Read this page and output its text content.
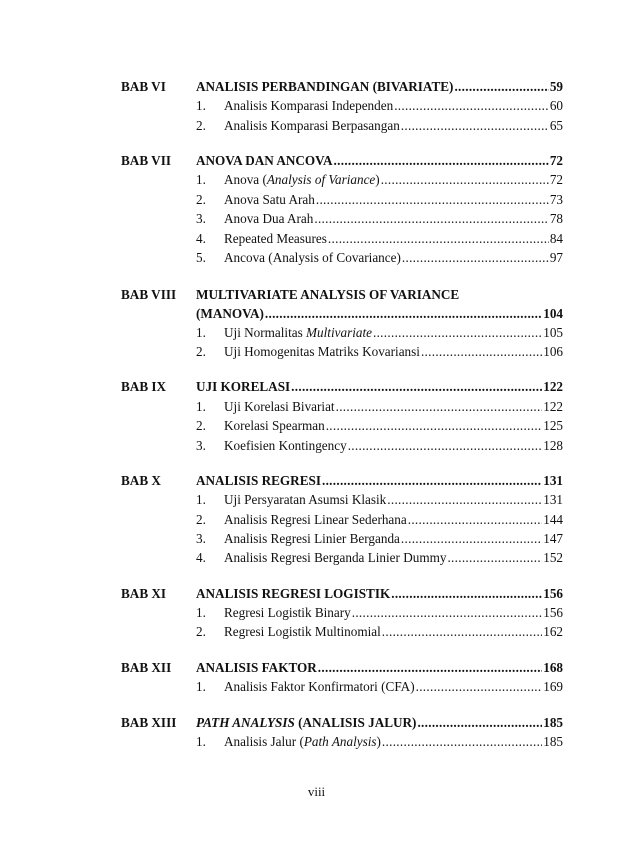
BAB VI ANALISIS PERBANDINGAN (BIVARIATE) .....	59
1.	Analisis Komparasi Independen .....	60
2.	Analisis Komparasi Berpasangan .....	65
BAB VII ANOVA DAN ANCOVA .....	72
1.	Anova (Analysis of Variance) .....	72
2.	Anova Satu Arah .....	73
3.	Anova Dua Arah .....	78
4.	Repeated Measures .....	84
5.	Ancova (Analysis of Covariance) .....	97
BAB VIII MULTIVARIATE ANALYSIS OF VARIANCE
(MANOVA) .....	104
1.	Uji Normalitas Multivariate .....	105
2.	Uji Homogenitas Matriks Kovariansi .....	106
BAB IX UJI KORELASI .....	122
1.	Uji Korelasi Bivariat .....	122
2.	Korelasi Spearman .....	125
3.	Koefisien Kontingency .....	128
BAB X	ANALISIS REGRESI .....	131
1.	Uji Persyaratan Asumsi Klasik .....	131
2.	Analisis Regresi Linear Sederhana .....	144
3.	Analisis Regresi Linier Berganda .....	147
4.	Analisis Regresi Berganda Linier Dummy .....	152
BAB XI ANALISIS REGRESI LOGISTIK .....	156
1.	Regresi Logistik Binary .....	156
2.	Regresi Logistik Multinomial .....	162
BAB XII ANALISIS FAKTOR .....	168
1.	Analisis Faktor Konfirmatori (CFA) .....	169
BAB XIII PATH ANALYSIS (ANALISIS JALUR) .....	185
1.	Analisis Jalur (Path Analysis) .....	185
viii
